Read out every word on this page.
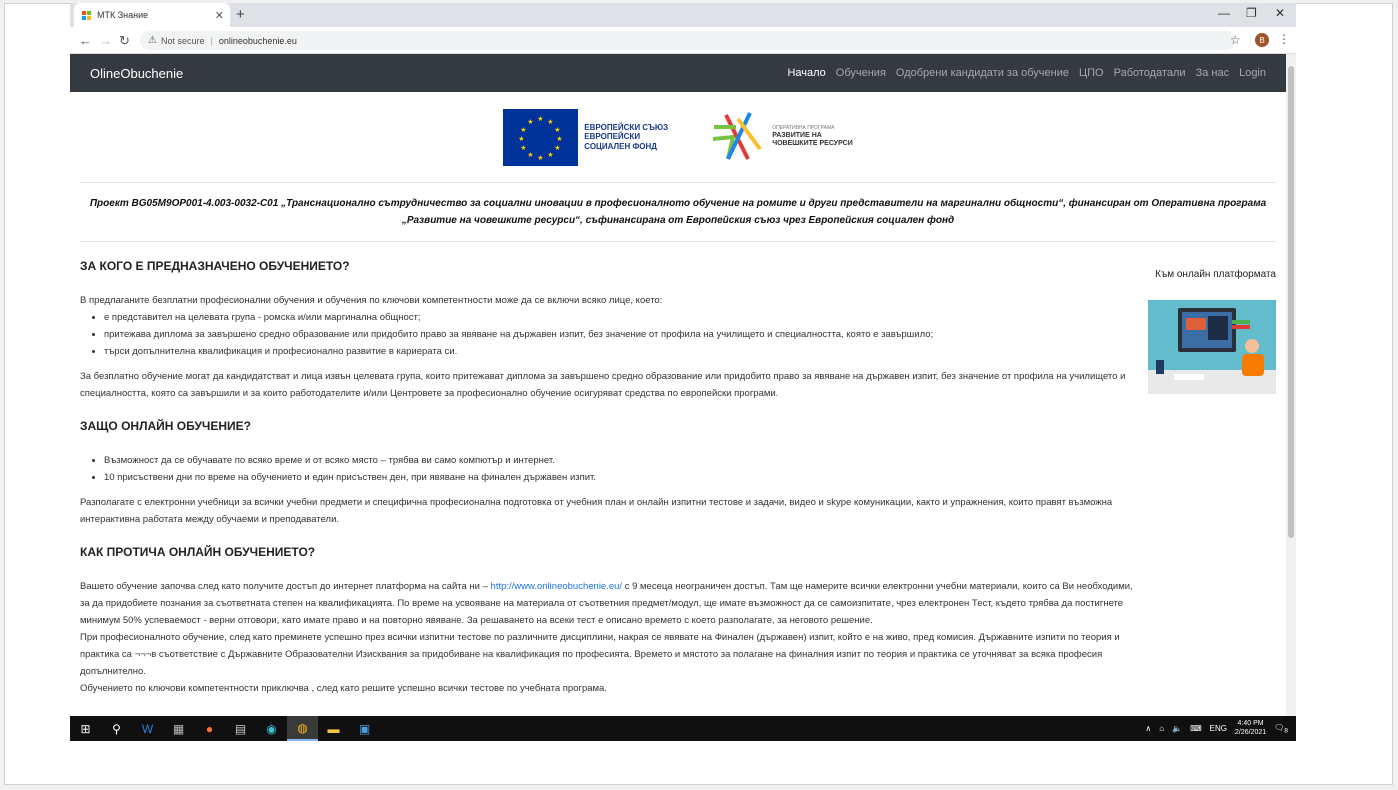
МТК Знание	✕ +	— ❐ ✕
← → ↻ ⚠ Not secure | onlineobuchenie.eu	☆	B	⋮
OlineObuchenie	Начало Обучения Одобрени кандидати за обучение ЦПО Работодатали За нас Login
★ ★
★
★
★
★
★
★
★
★
★
★
ЕВРОПЕЙСКИ СЪЮЗ
ЕВРОПЕЙСКИ
СОЦИАЛЕН ФОНД
ОПЕРАТИВНА ПРОГРАМА
РАЗВИТИЕ НА
ЧОВЕШКИТЕ РЕСУРСИ
Проект BG05M9OP001-4.003-0032-C01 „Транснационално сътрудничество за социални иновации в професионалното обучение на ромите и други представители на маргинални общности“, финансиран от Оперативна програма „Развитие на човешките ресурси“, съфинансирана от Европейския съюз чрез Европейския социален фонд
Към онлайн платформата
ЗА КОГО Е ПРЕДНАЗНАЧЕНО ОБУЧЕНИЕТО?
В предлаганите безплатни професионални обучения и обучения по ключови компетентности може да се включи всяко лице, което:
• е представител на целевата група - ромска и/или маргинална общност;
• притежава диплома за завършено средно образование или придобито право за явяване на държавен изпит, без значение от профила на училището и специалността, която е завършило;
• търси допълнителна квалификация и професионално развитие в кариерата си.

За безплатно обучение могат да кандидатстват и лица извън целевата група, които притежават диплома за завършено средно образование или придобито право за явяване на държавен изпит, без значение от профила на училището и специалността, която са завършили и за които работодателите и/или Центровете за професионално обучение осигуряват средства по европейски програми.

ЗАЩО ОНЛАЙН ОБУЧЕНИЕ?
• Възможност да се обучавате по всяко време и от всяко място – трябва ви само компютър и интернет.
• 10 присъствени дни по време на обучението и един присъствен ден, при явяване на финален държавен изпит.

Разполагате с електронни учебници за всички учебни предмети и специфична професионална подготовка от учебния план и онлайн изпитни тестове и задачи, видео и skype комуникации, както и упражнения, които правят възможна интерактивна работата между обучаеми и преподаватели.

КАК ПРОТИЧА ОНЛАЙН ОБУЧЕНИЕТО?
Вашето обучение започва след като получите достъп до интернет платформа на сайта ни – http://www.onlineobuchenie.eu/ с 9 месеца неограничен достъп. Там ще намерите всички електронни учебни материали, които са Ви необходими, за да придобиете познания за съответната степен на квалификацията. По време на усвояване на материала от съответния предмет/модул, ще имате възможност да се самоизпитате, чрез електронен Тест, където трябва да постигнете минимум 50% успеваемост - верни отговори, като имате право и на повторно явяване. За решаването на всеки тест е описано времето с което разполагате, за неговото решение.
При професионалното обучение, след като преминете успешно през всички изпитни тестове по различните дисциплини, накрая се явявате на Финален (държавен) изпит, който е на живо, пред комисия. Държавните изпити по теория и практика са ¬¬¬в съответствие с Държавните Образователни Изисквания за придобиване на квалификация по професията. Времето и мястото за полагане на финалния изпит по теория и практика се уточняват за всяка професия допълнително.
Обучението по ключови компетентности приключва , след като решите успешно всички тестове по учебната програма.
⊞	⚲	W	▦	●	▤	◉	◍	▬	▣	∧ ⌂ 🔈 ⌨ ENG
4:40 PM
2/26/2021
$🗨_8$
